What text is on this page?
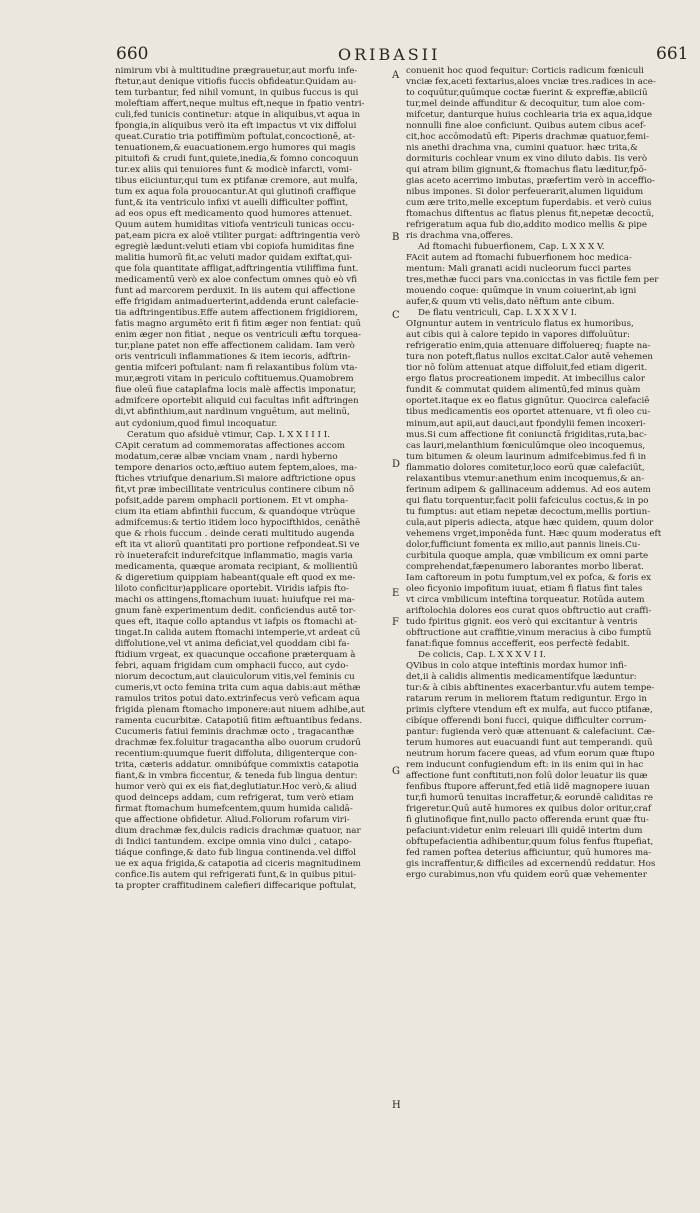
660	ORIBASII	661
nimirum vbi à multitudine prægrauetur,aut morfu infe-
ftetur,aut denique vitiofis fuccis obfideatur.Quidam au-
tem turbantur, fed nihil vomunt, in quibus fuccus is qui
moleftiam affert,neque multus eft,neque in fpatio ventri-
culi,fed tunicis continetur: atque in aliquibus,vt aqua in
fpongia,in aliquibus verò ita eft impactus vt vix diffolui
queat.Curatio tria potiffimùm poftulat,concoctionē, at-
tenuationem,& euacuationem.ergo humores qui magis
pituitofi & crudi funt,quiete,inedia,& fomno concoquun
tur.ex aliis qui tenuiores funt & modicè infarcti, vomi-
tibus eiiciuntur,qui tum ex ptifanæ cremore, aut mulfa,
tum ex aqua fola prouocantur.At qui glutinofi craffique
funt,& ita ventriculo infixi vt auelli difficulter poffint,
ad eos opus eft medicamento quod humores attenuet.
Quum autem humiditas vitiofa ventriculi tunicas occu-
pat,eam picra ex aloë vtiliter purgat: adftringentia verò
egregiè lædunt:veluti etiam vbi copiofa humiditas fine
malitia humorū fit,ac veluti mador quidam exiftat,qui-
que fola quantitate affligat,adftringentia vtiliffima funt.
medicamentū verò ex aloe confectum omnes quò eò vfi
funt ad marcorem perduxit. In iis autem qui affectione
effe frigidam animaduerterint,addenda erunt calefacie-
tia adftringentibus.Effe autem affectionem frigidiorem,
fatis magno argumēto erit fi fitim æger non fentiat: quū
enim æger non fitiat , neque os ventriculi æftu torquea-
tur,plane patet non effe affectionem calidam. Iam verò
oris ventriculi inflammationes & item iecoris, adftrin-
gentia mifceri poftulant: nam fi relaxantibus folùm vta-
mur,ægroti vitam in periculo coftituemus.Quamobrem
fiue oleū fiue cataplafma locis malè affectis imponatur,
admifcere oportebit aliquid cui facultas infit adftringen
di,vt abfinthium,aut nardinum vnguētum, aut melinū,
aut cydonium,quod fimul incoquatur.
Ceratum quo afsiduè vtimur, Cap. L X X I I I I.
CApit ceratum ad commemoratas affectiones accom
modatum,ceræ albæ vnciam vnam , nardi hyberno
tempore denarios octo,æftiuo autem feptem,aloes, ma-
ftiches vtriufque denarium.Si maiore adftrictione opus
fit,vt præ imbecillitate ventriculus continere cibum nō
pofsit,adde parem omphacii portionem. Et vt ompha-
cium ita etiam abfinthii fuccum, & quandoque vtrùque
admifcemus:& tertio itidem loco hypocifthidos, cenāthē
que & rhois fuccum . deinde cerati multitudo augenda
eft ita vt aliorū quantitati pro portione refpondeat.Si ve
rò inueterafcit indurefcitque inflammatio, magis varia
medicamenta, quæque aromata recipiant, & mollientiū
& digeretium quippiam habeant(quale eft quod ex me-
liloto conficitur)applicare oportebit. Viridis iafpis fto-
machi os attingens,ftomachum iuuat: huiufque rei ma-
gnum fanè experimentum dedit. conficiendus autē tor-
ques eft, itaque collo aptandus vt iafpis os ftomachi at-
tingat.In calida autem ftomachi intemperie,vt ardeat cū
diffolutione,vel vt anima deficiat,vel quoddam cibi fa-
ftidium vrgeat, ex quacunque occafione præterquam à
febri, aquam frigidam cum omphacii fucco, aut cydo-
niorum decoctum,aut clauiculorum vitis,vel feminis cu
cumeris,vt octo femina trita cum aqua dabis:aut mēthæ
ramulos tritos potui dato.extrinfecus verò veficam aqua
frigida plenam ftomacho imponere:aut niuem adhibe,aut
ramenta cucurbitæ. Catapotiū fitim æftuantibus fedans.
Cucumeris fatiui feminis drachmæ octo , tragacanthæ
drachmæ fex.foluitur tragacantha albo ouorum crudorū
recentium:quumque fuerit diffoluta, diligenterque con-
trita, cæteris addatur. omnibúfque commixtis catapotia
fiant,& in vmbra ficcentur, & teneda fub lingua dentur:
humor verò qui ex eis fiat,deglutiatur.Hoc verò,& aliud
quod deinceps addam, cum refrigerat, tum verò etiam
firmat ftomachum humefcentem,quum humida calidā-
que affectione obfidetur. Aliud.Foliorum rofarum viri-
dium drachmæ fex,dulcis radicis drachmæ quatuor, nar
di Indici tantundem. excipe omnia vino dulci , catapo-
tiáque confinge,& dato fub lingua continenda.vel diffol
ue ex aqua frigida,& catapotia ad ciceris magnitudinem
confice.Iis autem qui refrigerati funt,& in quibus pitui-
ta propter craffitudinem calefieri diffecarique poftulat,
A
B
C
D
E
F
G
H
conuenit hoc quod fequitur: Corticis radicum fœniculi
vnciæ fex,aceti fextarius,aloes vnciæ tres.radices in ace-
to coquūtur,quūmque coctæ fuerint & expreffæ,abiiciū
tur,mel deinde affunditur & decoquitur, tum aloe com-
mifcetur, danturque huius cochlearia tria ex aqua,idque
nonnulli fine aloe conficiunt. Quibus autem cibus acef-
cit,hoc accōmodatū eft: Piperis drachmæ quatuor,femi-
nis anethi drachma vna, cumini quatuor. hæc trita,&
dormituris cochlear vnum ex vino diluto dabis. Iis verò
qui atram bilim gignunt,& ftomachus flatu læditur,fpō-
gias aceto acerrimo imbutas, præfertim verò in acceffio-
nibus impones. Si dolor perfeuerarit,alumen liquidum
cum ære trito,melle exceptum fuperdabis. et verò cuius
ftomachus diftentus ac flatus plenus fit,nepetæ decoctū,
refrigeratum aqua fub dio,addito modico mellis & pipe
ris drachma vna,offeres.
Ad ftomachi fubuerfionem, Cap. L X X X V.
FAcit autem ad ftomachi fubuerfionem hoc medica-
mentum: Mali granati acidi nucleorum fucci partes
tres,methæ fucci pars vna.conicctas in vas fictile fem per
mouendo coque: quūmque in vnum coiuerint,ab igni
aufer,& quum vti velis,dato nēftum ante cibum.
De flatu ventriculi, Cap. L X X X V I.
OIgnuntur autem in ventriculo flatus ex humoribus,
aut cibis qui à calore tepido in vapores diffoluūtur:
refrigeratio enim,quia attenuare diffoluereq; fuapte na-
tura non poteft,flatus nullos excitat.Calor autē vehemen
tior nō folùm attenuat atque diffoluit,fed etiam digerit.
ergo flatus procreationem impedit. At imbecillus calor
fundit & commutat quidem alimentū,fed minus quàm
oportet.itaque ex eo flatus gignūtur. Quocirca calefaciē
tibus medicamentis eos oportet attenuare, vt fi oleo cu-
minum,aut apii,aut dauci,aut fpondylii femen incoxeri-
mus.Si cum affectione fit coniunctā frigiditas,ruta,bac-
cas lauri,melanthium fœniculūmque oleo incoquemus,
tum bitumen & oleum laurinum admifcebimus.fed fi in
flammatio dolores comitetur,loco eorū quæ calefaciūt,
relaxantibus vtemur:anethum enim incoquemus,& an-
ferinum adipem & gallinaceum addemus. Ad eos autem
qui flatu torquentur,facit polii fafciculus coctus,& in po
tu fumptus: aut etiam nepetæ decoctum,mellis portiun-
cula,aut piperis adiecta, atque hæc quidem, quum dolor
vehemens vrget,imponēda funt. Hæc quum moderatus eft
dolor,fufficiunt fomenta ex milio,aut pannis lineis.Cu-
curbitula quoque ampla, quæ vmbilicum ex omni parte
comprehendat,fæpenumero laborantes morbo liberat.
Iam caftoreum in potu fumptum,vel ex pofca, & foris ex
oleo ficyonio impofitum iuuat, etiam fi flatus fint tales
vt circa vmbilicum inteftina torqueatur. Rotūda autem
ariftolochia dolores eos curat quos obftructio aut craffi-
tudo fpiritus gignit. eos verò qui excitantur à ventris
obftructione aut craffitie,vinum meracius à cibo fumptū
fanat:fique fomnus accefferit, eos perfectè fedabit.
De colicis, Cap. L X X X V I I.
QVibus in colo atque inteftinis mordax humor infi-
det,ii à calidis alimentis medicamentífque læduntur:
tur:& à cibis abftinentes exacerbantur.vfu autem tempe-
ratarum rerum in meliorem ftatum rediguntur. Ergo in
primis clyftere vtendum eft ex mulfa, aut fucco ptifanæ,
cibíque offerendi boni fucci, quique difficulter corrum-
pantur: fugienda verò quæ attenuant & calefaciunt. Cæ-
terum humores aut euacuandi funt aut temperandi. quū
neutrum horum facere queas, ad vfum eorum quæ ftupo
rem inducunt confugiendum eft: in iis enim qui in hac
affectione funt conftituti,non folū dolor leuatur iis quæ
fenfibus ftupore afferunt,fed etiā iidē magnopere iuuan
tur,fi humorū tenuitas incraffetur,& eorundē caliditas re
frigeretur.Quū autē humores ex quibus dolor oritur,craf
fi glutinofique fint,nullo pacto offerenda erunt quæ ftu-
pefaciunt:videtur enim releuari illi quidē interim dum
obftupefacientia adhibentur,quum folus fenfus ftupefiat,
fed ramen poftea deterius afficiuntur, quū humores ma-
gis incraffentur,& difficiles ad excernendū reddatur. Hos
ergo curabimus,non vfu quidem eorū quæ vehementer
